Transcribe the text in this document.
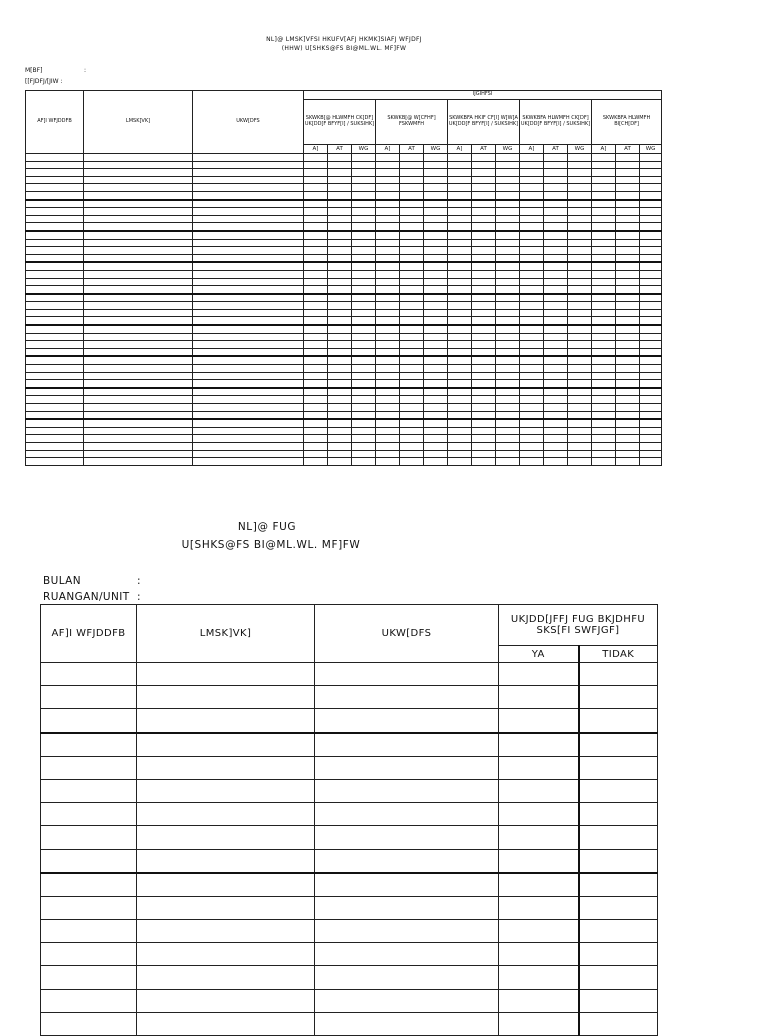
NL]@ LMSK]VFSI HKUFV[AFJ HKMK]SIAFJ WFJDFJ
(HHW) U[SHKS@FS BI@ML.WL. MF]FW
M[BF]	:
[[FJDFJ/[JIW :
AF]I WFJDDFB	LMSK]VK]	UKW[DFS	IJGIHFSI														
			SKWKB[@ HLWMFH CK[DF] UK[DD[F BFYF[I] / SUKSIHK]			SKWKB[@ W[CFHF] FSKWMFH			SKWKBFA HKIF CF[I] W[W[A UK[DD[F BFYF[I] / SUKSIHK]			SKWKBFA HLWMFH CK[DF] UK[DD[F BFYF[I] / SUKSIHK]			SKWKBFA HLWMFH BI[CH[DF]		
			A]	AT	WG	A]	AT	WG	A]	AT	WG	A]	AT	WG	A]	AT	WG

NL]@ FUG
U[SHKS@FS BI@ML.WL. MF]FW
BULAN	:
RUANGAN/UNIT :
AF]I WFJDDFB	LMSK]VK]	UKW[DFS	UKJDD[JFFJ FUG BKJDHFU SKS[FI SWFJGF]	
			YA	TIDAK
